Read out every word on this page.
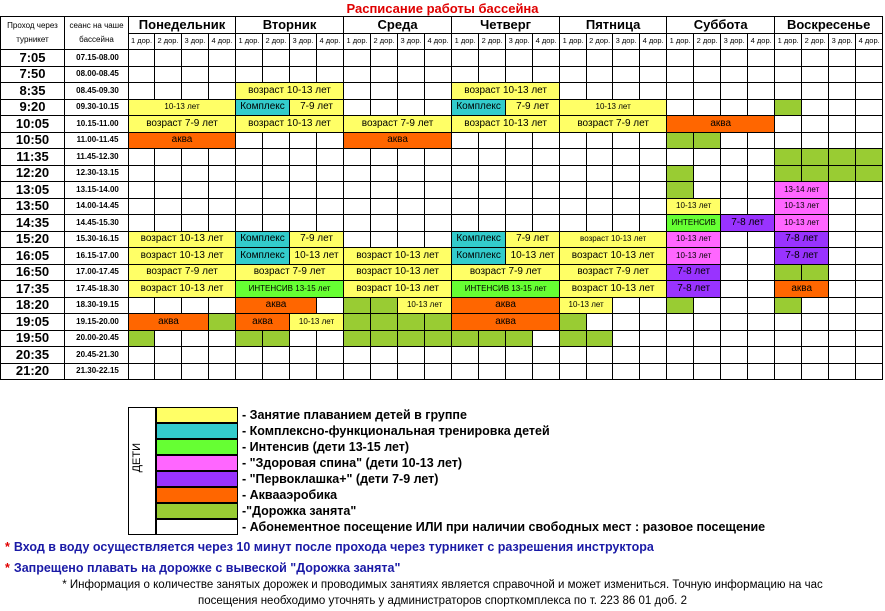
Расписание работы бассейна
Проход через турникет	сеанс на чаше бассейна	Понедельник				Вторник				Среда				Четверг				Пятница				Суббота				Воскресенье			
		1 дор.	2 дор.	3 дор.	4 дор.	1 дор.	2 дор.	3 дор.	4 дор.	1 дор.	2 дор.	3 дор.	4 дор.	1 дор.	2 дор.	3 дор.	4 дор.	1 дор.	2 дор.	3 дор.	4 дор.	1 дор.	2 дор.	3 дор.	4 дор.	1 дор.	2 дор.	3 дор.	4 дор.
7:05	07.15-08.00																												
7:50	08.00-08.45																												
8:35	08.45-09.30					возраст 10-13 лет								возраст 10-13 лет															
9:20	09.30-10.15	10-13 лет				Комплекс		7-9 лет						Комплекс		7-9 лет		10-13 лет											
10:05	10.15-11.00	возраст 7-9 лет				возраст 10-13 лет				возраст 7-9 лет				возраст 10-13 лет				возраст 7-9 лет				аква							
10:50	11.00-11.45	аква								аква																			
11:35	11.45-12.30																												
12:20	12.30-13.15																												
13:05	13.15-14.00																									13-14 лет			
13:50	14.00-14.45																					10-13 лет				10-13 лет			
14:35	14.45-15.30																					ИНТЕНСИВ		7-8 лет		10-13 лет			
15:20	15.30-16.15	возраст 10-13 лет				Комплекс		7-9 лет						Комплекс		7-9 лет		возраст 10-13 лет				10-13 лет				7-8 лет			
16:05	16.15-17.00	возраст 10-13 лет				Комплекс		10-13 лет		возраст 10-13 лет				Комплекс		10-13 лет		возраст 10-13 лет				10-13 лет				7-8 лет			
16:50	17.00-17.45	возраст 7-9 лет				возраст 7-9 лет				возраст 10-13 лет				возраст 7-9 лет				возраст 7-9 лет				7-8 лет							
17:35	17.45-18.30	возраст 10-13 лет				ИНТЕНСИВ 13-15 лет				возраст 10-13 лет				ИНТЕНСИВ 13-15 лет				возраст 10-13 лет				7-8 лет				аква			
18:20	18.30-19.15					аква						10-13 лет		аква				10-13 лет											
19:05	19.15-20.00	аква				аква		10-13 лет						аква															
19:50	20.00-20.45																												
20:35	20.45-21.30																												
21:20	21.30-22.15																												
ДЕТИ
- Занятие плаванием детей в группе
- Комплексно-функциональная тренировка детей
- Интенсив (дети 13-15 лет)
- "Здоровая спина" (дети 10-13 лет)
- "Первоклашка+" (дети 7-9 лет)
- Аквааэробика
-"Дорожка занята"
- Абонементное посещение ИЛИ при наличии свободных мест : разовое посещение
* Вход в воду осуществляется через 10 минут после прохода через турникет с разрешения инструктора
* Запрещено плавать на дорожке с вывеской "Дорожка занята"
* Информация о количестве занятых дорожек и проводимых занятиях является справочной и может измениться. Точную информацию на час
посещения необходимо уточнять у администраторов спорткомплекса по т. 223 86 01 доб. 2
